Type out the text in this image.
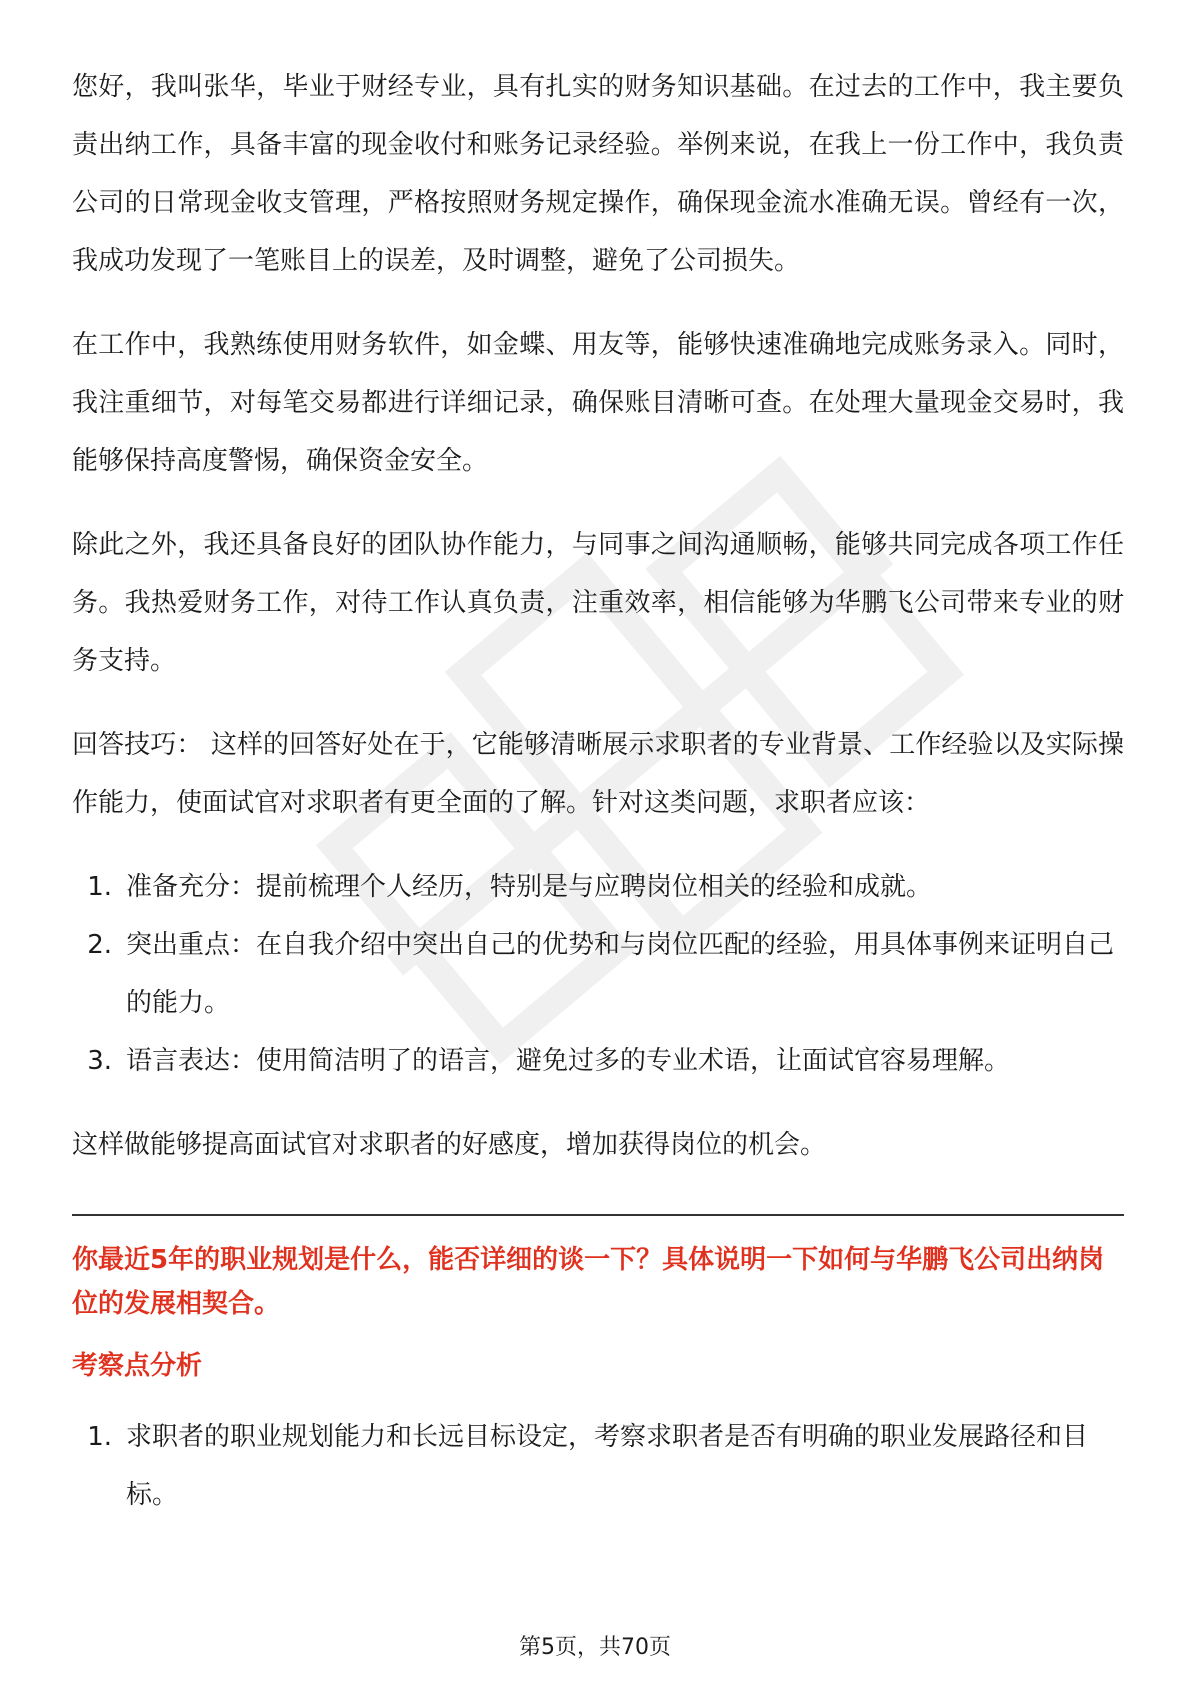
您好，我叫张华，毕业于财经专业，具有扎实的财务知识基础。在过去的工作中，我主要负责出纳工作，具备丰富的现金收付和账务记录经验。举例来说，在我上一份工作中，我负责公司的日常现金收支管理，严格按照财务规定操作，确保现金流水准确无误。曾经有一次，我成功发现了一笔账目上的误差，及时调整，避免了公司损失。

在工作中，我熟练使用财务软件，如金蝶、用友等，能够快速准确地完成账务录入。同时，我注重细节，对每笔交易都进行详细记录，确保账目清晰可查。在处理大量现金交易时，我能够保持高度警惕，确保资金安全。

除此之外，我还具备良好的团队协作能力，与同事之间沟通顺畅，能够共同完成各项工作任务。我热爱财务工作，对待工作认真负责，注重效率，相信能够为华鹏飞公司带来专业的财务支持。

回答技巧： 这样的回答好处在于，它能够清晰展示求职者的专业背景、工作经验以及实际操作能力，使面试官对求职者有更全面的了解。针对这类问题，求职者应该：

1. 准备充分：提前梳理个人经历，特别是与应聘岗位相关的经验和成就。
2. 突出重点：在自我介绍中突出自己的优势和与岗位匹配的经验，用具体事例来证明自己的能力。
3. 语言表达：使用简洁明了的语言，避免过多的专业术语，让面试官容易理解。

这样做能够提高面试官对求职者的好感度，增加获得岗位的机会。

你最近5年的职业规划是什么，能否详细的谈一下？具体说明一下如何与华鹏飞公司出纳岗位的发展相契合。

考察点分析

1. 求职者的职业规划能力和长远目标设定，考察求职者是否有明确的职业发展路径和目标。
第5页，共70页
